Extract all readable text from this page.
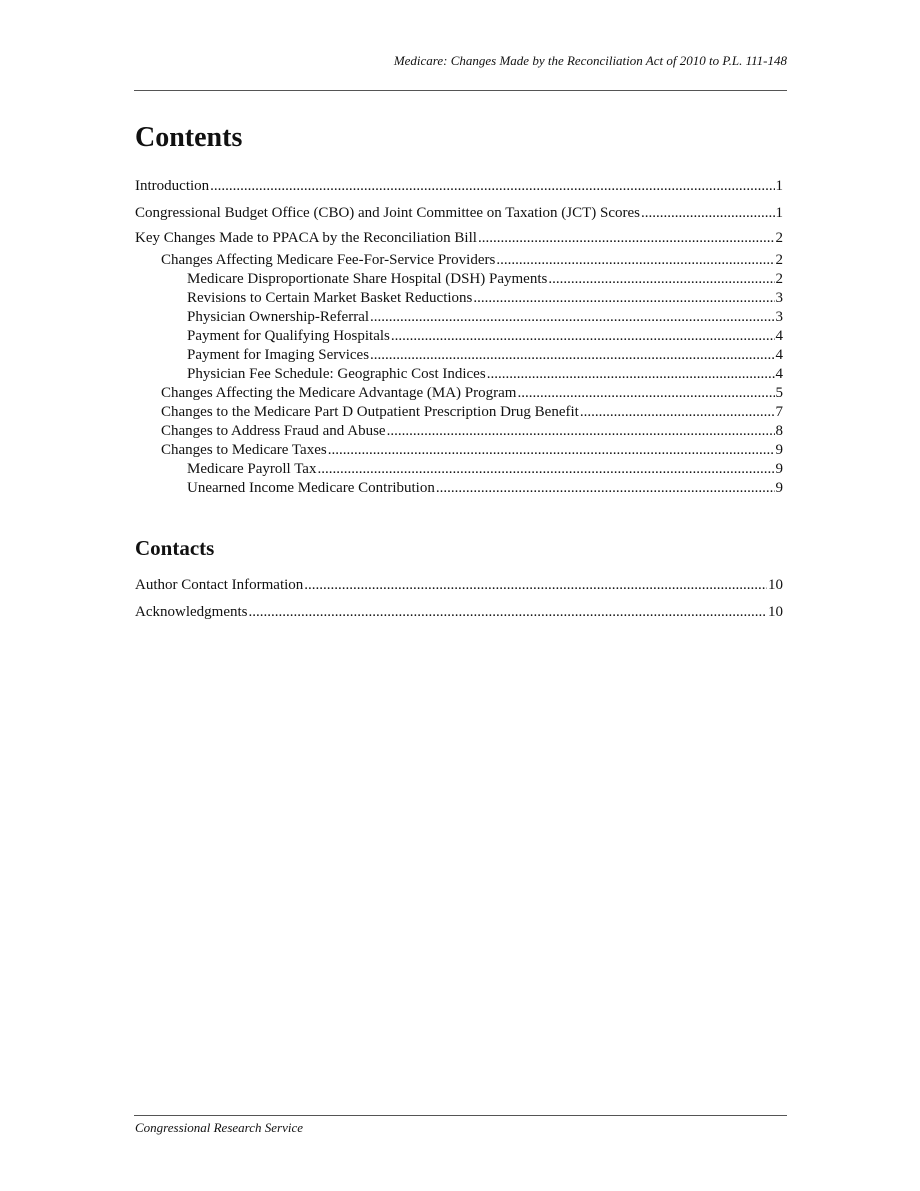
Medicare: Changes Made by the Reconciliation Act of 2010 to P.L. 111-148
Contents
Introduction .....	1
Congressional Budget Office (CBO) and Joint Committee on Taxation (JCT) Scores .....	1
Key Changes Made to PPACA by the Reconciliation Bill .....	2
Changes Affecting Medicare Fee-For-Service Providers .....	2
Medicare Disproportionate Share Hospital (DSH) Payments .....	2
Revisions to Certain Market Basket Reductions .....	3
Physician Ownership-Referral .....	3
Payment for Qualifying Hospitals .....	4
Payment for Imaging Services .....	4
Physician Fee Schedule: Geographic Cost Indices .....	4
Changes Affecting the Medicare Advantage (MA) Program .....	5
Changes to the Medicare Part D Outpatient Prescription Drug Benefit .....	7
Changes to Address Fraud and Abuse .....	8
Changes to Medicare Taxes .....	9
Medicare Payroll Tax .....	9
Unearned Income Medicare Contribution .....	9
Contacts
Author Contact Information .....	10
Acknowledgments .....	10
Congressional Research Service
